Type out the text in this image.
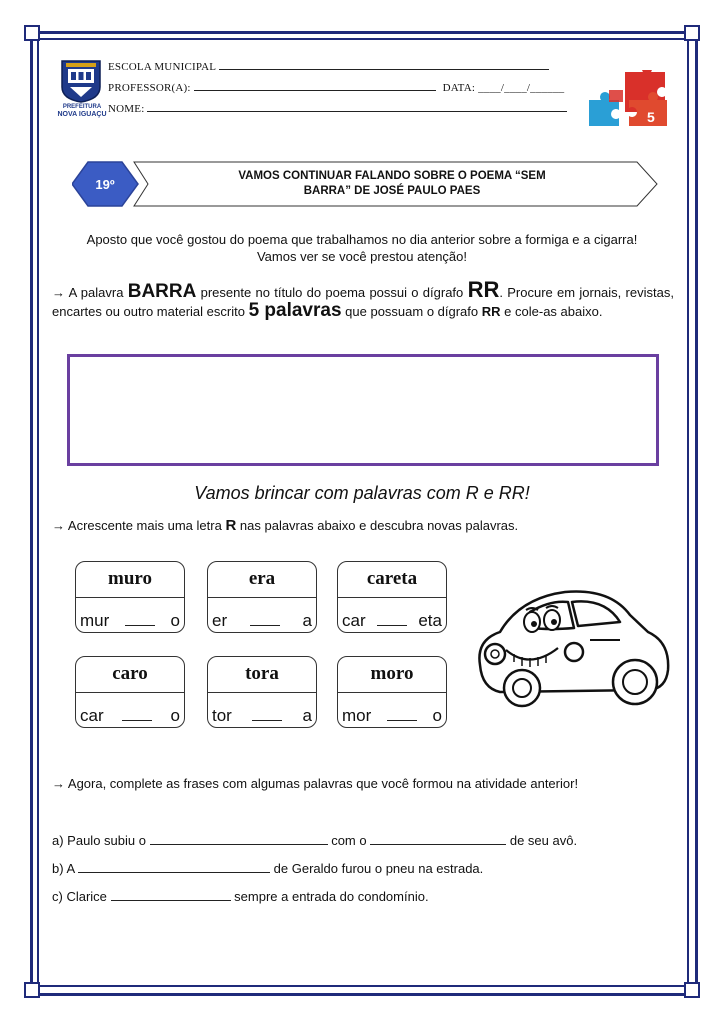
PREFEITURA
NOVA IGUAÇU
ESCOLA MUNICIPAL
PROFESSOR(A):	DATA: ____/____/______
NOME:	5
19º
VAMOS CONTINUAR FALANDO SOBRE O POEMA “SEM
BARRA” DE JOSÉ PAULO PAES
Aposto que você gostou do poema que trabalhamos no dia anterior sobre a formiga e a cigarra!
Vamos ver se você prestou atenção!
→ A palavra BARRA presente no título do poema possui o dígrafo RR. Procure em jornais, revistas, encartes ou outro material escrito 5 palavras que possuam o dígrafo RR e cole-as abaixo.
Vamos brincar com palavras com R e RR!
→ Acrescente mais uma letra R nas palavras abaixo e descubra novas palavras.
muro
mur	o
era
er	a
careta
car	eta
caro
car	o
tora
tor	a
moro
mor	o
→ Agora, complete as frases com algumas palavras que você formou na atividade anterior!
a) Paulo subiu o	com o	de seu avô.
b) A	de Geraldo furou o pneu na estrada.
c) Clarice	sempre a entrada do condomínio.
